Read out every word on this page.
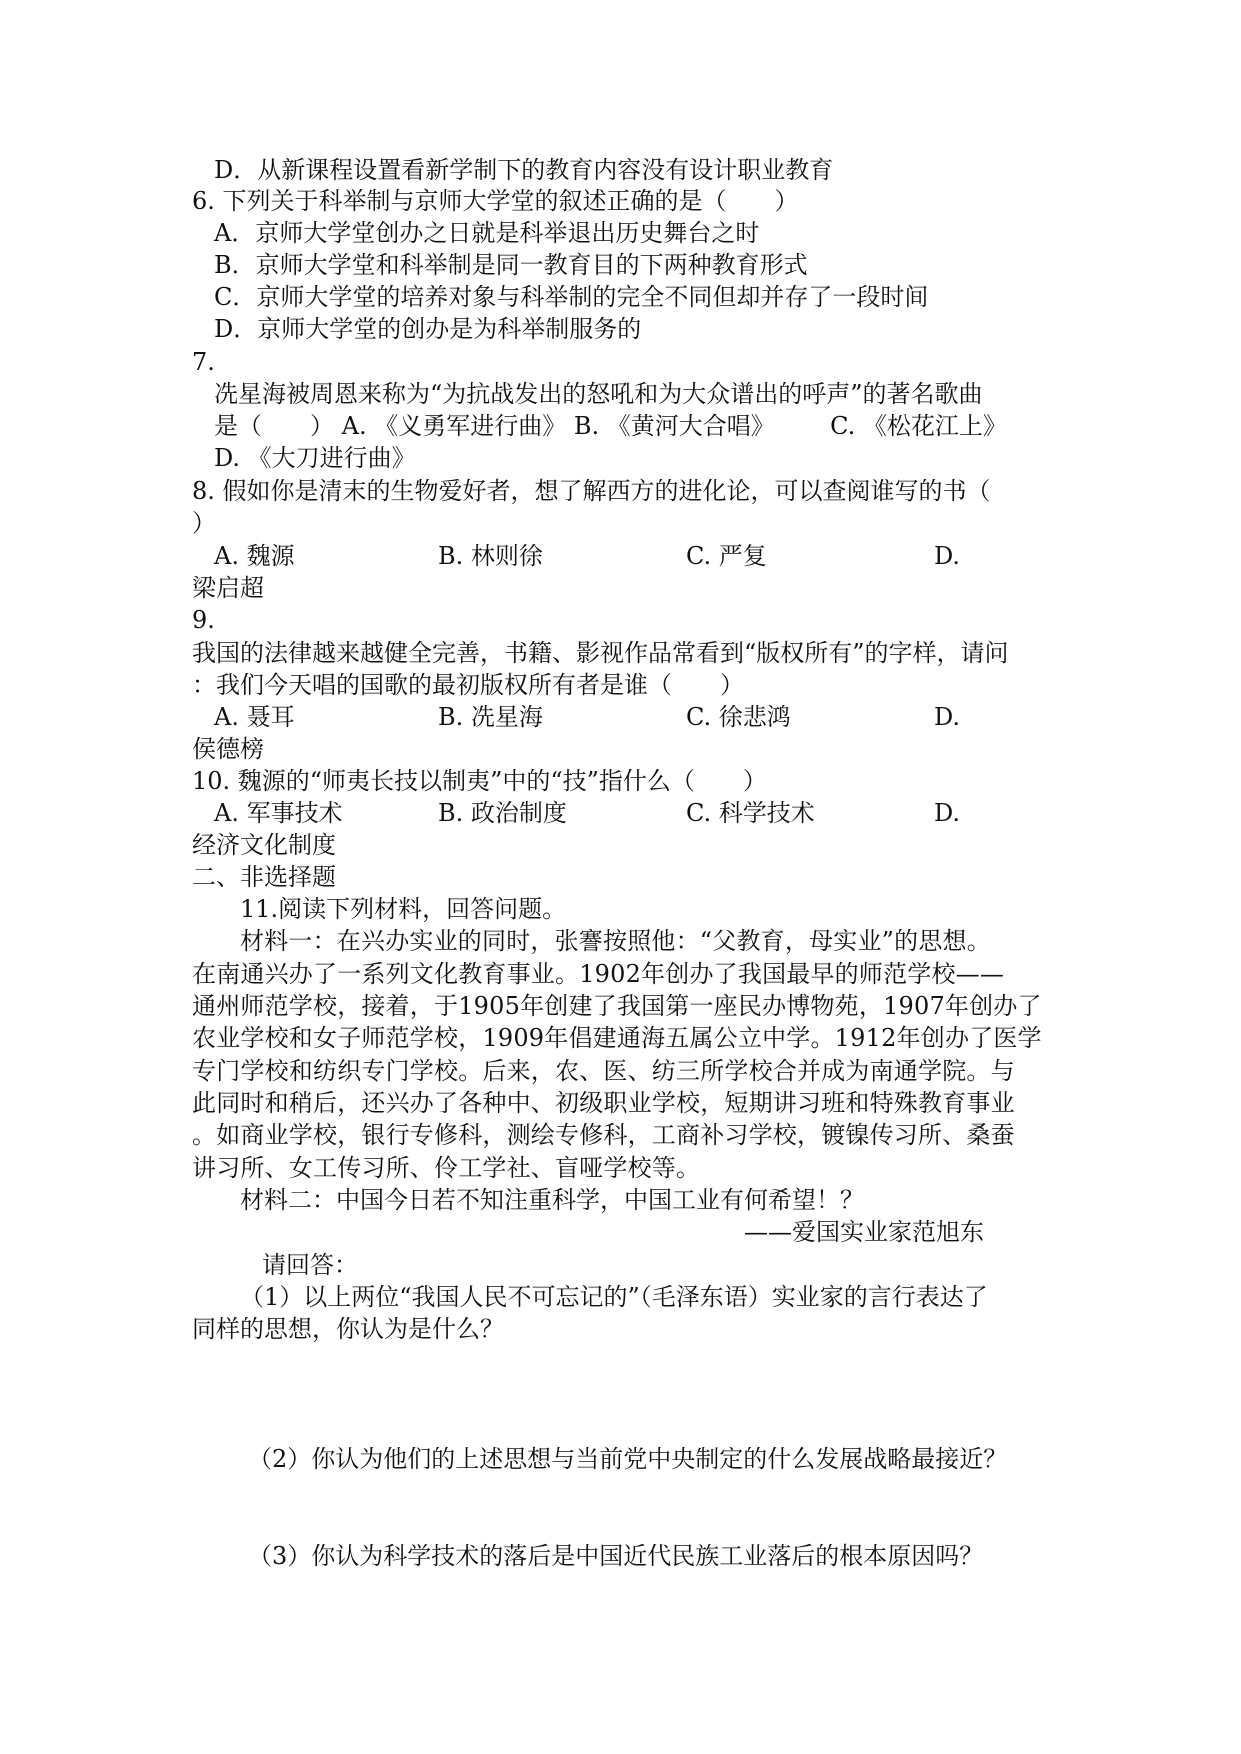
D．从新课程设置看新学制下的教育内容没有设计职业教育
6. 下列关于科举制与京师大学堂的叙述正确的是（　　）
A．京师大学堂创办之日就是科举退出历史舞台之时
B．京师大学堂和科举制是同一教育目的下两种教育形式
C．京师大学堂的培养对象与科举制的完全不同但却并存了一段时间
D．京师大学堂的创办是为科举制服务的
7.
冼星海被周恩来称为“为抗战发出的怒吼和为大众谱出的呼声”的著名歌曲
是（　　） A. 《义勇军进行曲》 B. 《黄河大合唱》 C. 《松花江上》
D. 《大刀进行曲》
8. 假如你是清末的生物爱好者，想了解西方的进化论，可以查阅谁写的书（
）
A. 魏源	B. 林则徐	C. 严复	D.
梁启超
9.
我国的法律越来越健全完善，书籍、影视作品常看到“版权所有”的字样，请问
：我们今天唱的国歌的最初版权所有者是谁（　　）
A. 聂耳	B. 冼星海	C. 徐悲鸿	D.
侯德榜
10. 魏源的“师夷长技以制夷”中的“技”指什么（　　）
A. 军事技术	B. 政治制度	C. 科学技术	D.
经济文化制度
二、非选择题
11.阅读下列材料，回答问题。
材料一：在兴办实业的同时，张謇按照他：“父教育，母实业”的思想。
在南通兴办了一系列文化教育事业。1902年创办了我国最早的师范学校——
通州师范学校，接着，于1905年创建了我国第一座民办博物苑，1907年创办了
农业学校和女子师范学校，1909年倡建通海五属公立中学。1912年创办了医学
专门学校和纺织专门学校。后来，农、医、纺三所学校合并成为南通学院。与
此同时和稍后，还兴办了各种中、初级职业学校，短期讲习班和特殊教育事业
。如商业学校，银行专修科，测绘专修科，工商补习学校，镀镍传习所、桑蚕
讲习所、女工传习所、伶工学社、盲哑学校等。
材料二：中国今日若不知注重科学，中国工业有何希望！？
——爱国实业家范旭东
请回答：
（1）以上两位“我国人民不可忘记的”（毛泽东语）实业家的言行表达了
同样的思想，你认为是什么？
（2）你认为他们的上述思想与当前党中央制定的什么发展战略最接近？
（3）你认为科学技术的落后是中国近代民族工业落后的根本原因吗？
